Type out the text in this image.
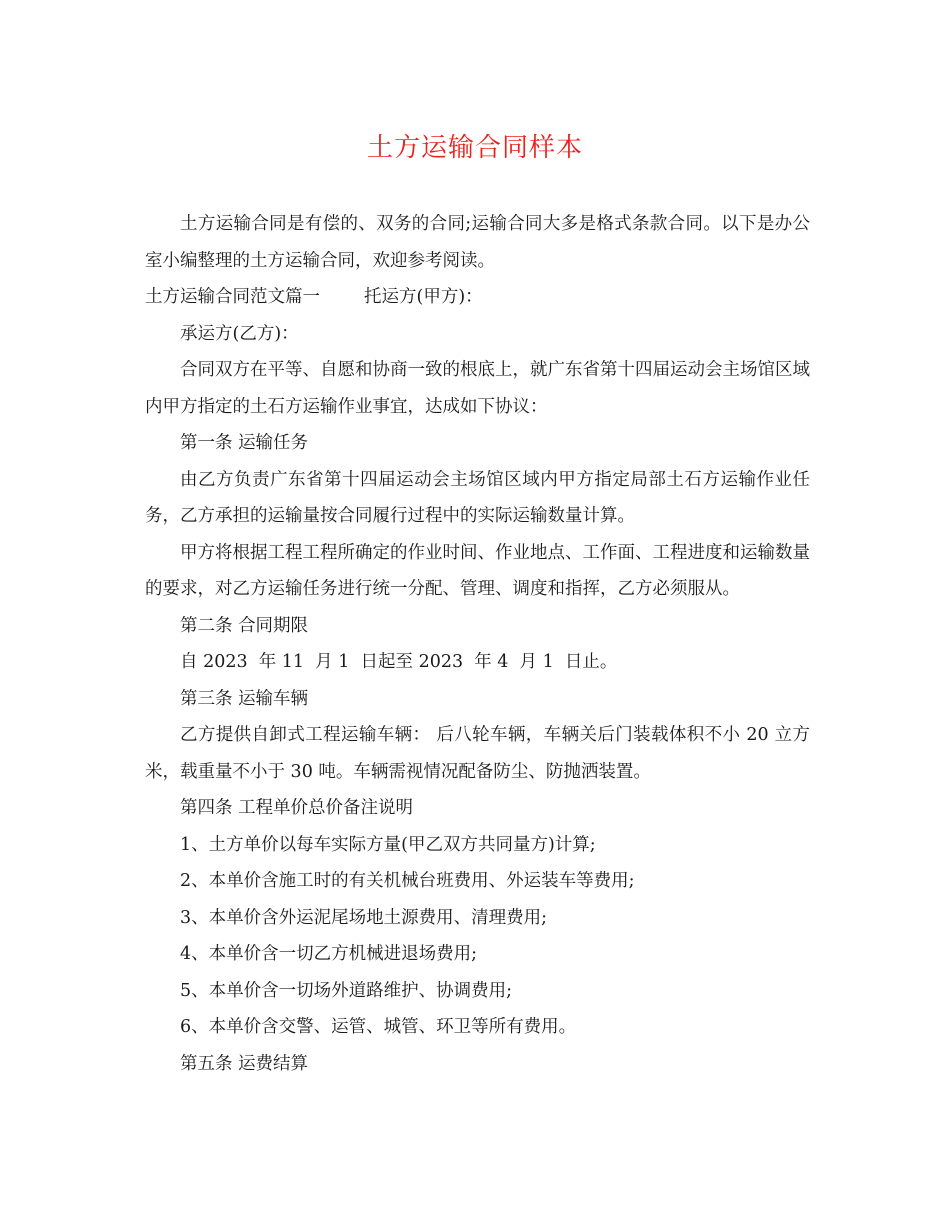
土方运输合同样本

土方运输合同是有偿的、双务的合同;运输合同大多是格式条款合同。以下是办公室小编整理的土方运输合同，欢迎参考阅读。

土方运输合同范文篇一	托运方(甲方)：

承运方(乙方)：

合同双方在平等、自愿和协商一致的根底上，就广东省第十四届运动会主场馆区域内甲方指定的土石方运输作业事宜，达成如下协议：

第一条 运输任务

由乙方负责广东省第十四届运动会主场馆区域内甲方指定局部土石方运输作业任务，乙方承担的运输量按合同履行过程中的实际运输数量计算。

甲方将根据工程工程所确定的作业时间、作业地点、工作面、工程进度和运输数量的要求，对乙方运输任务进行统一分配、管理、调度和指挥，乙方必须服从。

第二条 合同期限

自 2023  年 11  月 1  日起至 2023  年 4  月 1  日止。

第三条 运输车辆

乙方提供自卸式工程运输车辆： 后八轮车辆，车辆关后门装载体积不小 20 立方米，载重量不小于 30 吨。车辆需视情况配备防尘、防抛洒装置。

第四条 工程单价总价备注说明

1、土方单价以每车实际方量(甲乙双方共同量方)计算;

2、本单价含施工时的有关机械台班费用、外运装车等费用;

3、本单价含外运泥尾场地土源费用、清理费用;

4、本单价含一切乙方机械进退场费用;

5、本单价含一切场外道路维护、协调费用;

6、本单价含交警、运管、城管、环卫等所有费用。

第五条 运费结算
